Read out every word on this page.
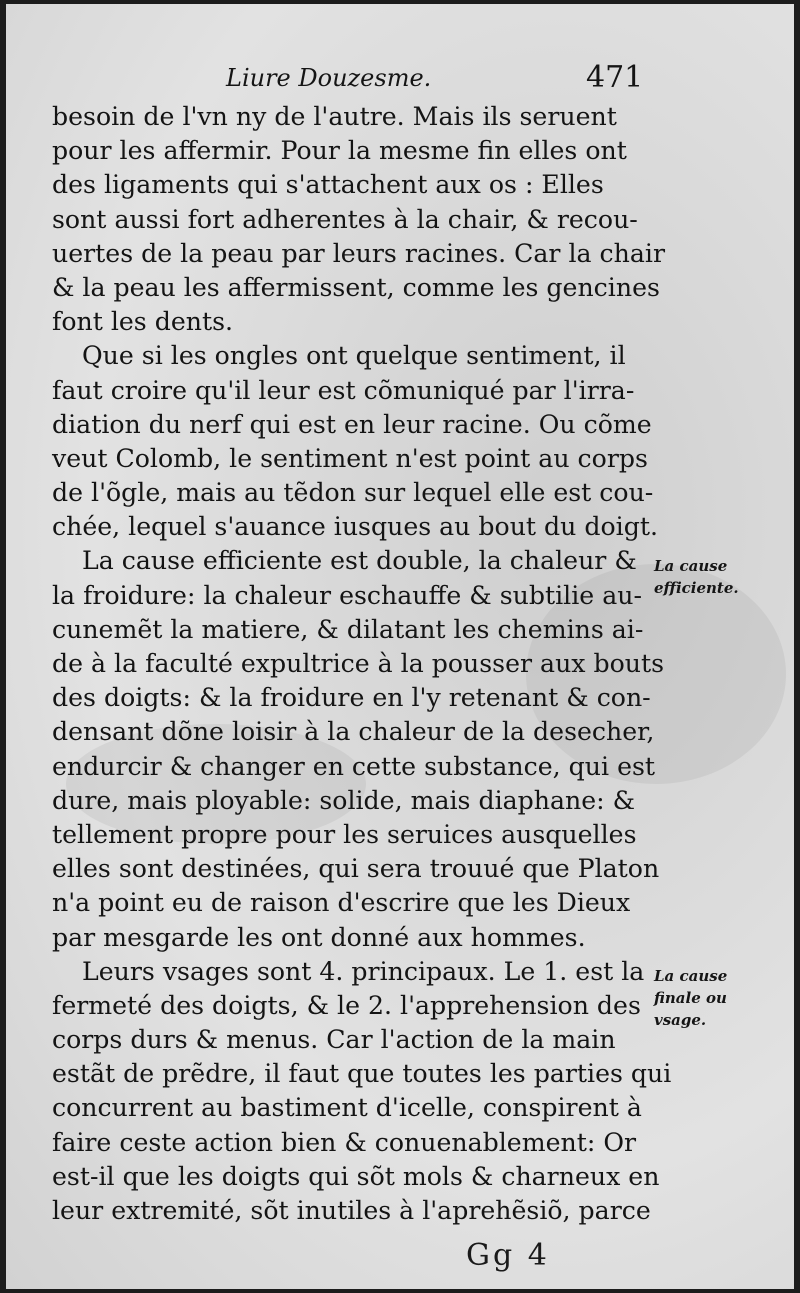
Liure Douzesme.	471
besoin de l'vn ny de l'autre. Mais ils seruent
pour les affermir. Pour la mesme fin elles ont
des ligaments qui s'attachent aux os : Elles
sont aussi fort adherentes à la chair, & recou-
uertes de la peau par leurs racines. Car la chair
& la peau les affermissent, comme les gencines
font les dents.
Que si les ongles ont quelque sentiment, il
faut croire qu'il leur est cõmuniqué par l'irra-
diation du nerf qui est en leur racine. Ou cõme
veut Colomb, le sentiment n'est point au corps
de l'õgle, mais au tẽdon sur lequel elle est cou-
chée, lequel s'auance iusques au bout du doigt.
La cause efficiente est double, la chaleur &
la froidure: la chaleur eschauffe & subtilie au-
cunemẽt la matiere, & dilatant les chemins ai-
de à la faculté expultrice à la pousser aux bouts
des doigts: & la froidure en l'y retenant & con-
densant dõne loisir à la chaleur de la desecher,
endurcir & changer en cette substance, qui est
dure, mais ployable: solide, mais diaphane: &
tellement propre pour les seruices ausquelles
elles sont destinées, qui sera trouué que Platon
n'a point eu de raison d'escrire que les Dieux
par mesgarde les ont donné aux hommes.
Leurs vsages sont 4. principaux. Le 1. est la
fermeté des doigts, & le 2. l'apprehension des
corps durs & menus. Car l'action de la main
estãt de prẽdre, il faut que toutes les parties qui
concurrent au bastiment d'icelle, conspirent à
faire ceste action bien & conuenablement: Or
est-il que les doigts qui sõt mols & charneux en
leur extremité, sõt inutiles à l'aprehẽsiõ, parce
La cause
efficiente.
La cause
finale ou
vsage.
Gg 4
